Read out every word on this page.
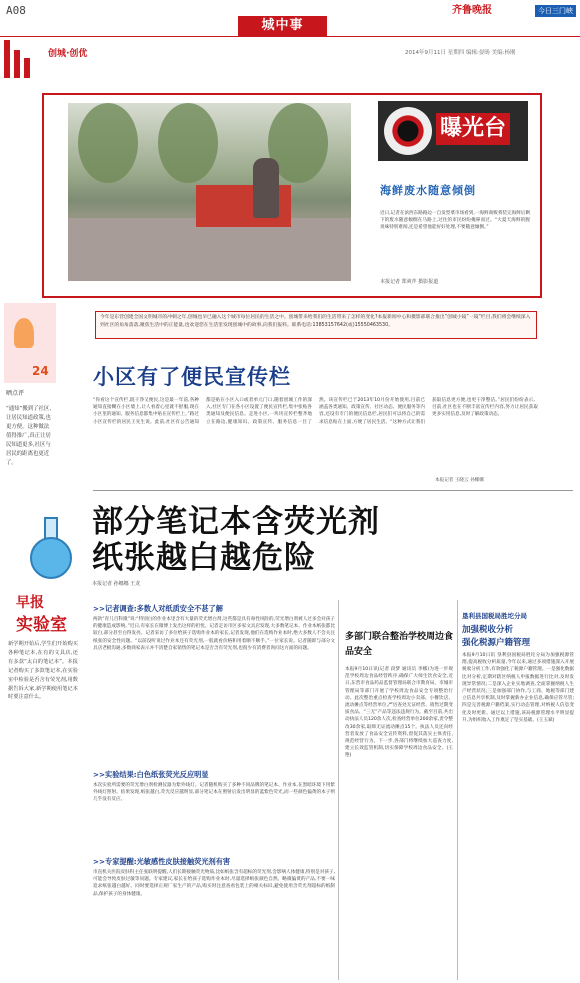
A08	齐鲁晚报	今日三门峡
城中事
创城·创优	2014年9月11日 星期四 编辑:晏旸 美编:杨刚
曝光台
海鲜废水随意倾倒
近日,记者在滨西东路路边一自发型菜市场看到,一海鲜商贩将装完海鲜后剩下的废水随意倾倒在马路上,过往的市民纷纷掩鼻而过。“大夏天海鲜的腥臭味特别难闻,还是希望他能好好处理,不要随意倾倒。”
本报记者 郑爽芹 摄影报道
今年是东营创建全国文明城市的冲刺之年,创城也早已融入这个城市每位居民的生活之中。创城带来给我们的生活带来了怎样的变化?本报新闻中心和摄影部联合推出“创城小镜”一镜”栏目,我们将会继续深入到社区的角角落落,聚焦生活中的正能量,也欢迎您在生活里发现创城中的故事,向我们报料。联系电话:13853157642(或)15550463530。
24
晒点评
“通知”搬到了社区,让居民知道政策,也更方便。这种做法值得推广,真正让居民知道更多,社区与居民的距离也更近了。
小区有了便民宣传栏
“你看这个宣传栏,既干净又便民,这是最一年前,各种通知直接糊在小区墙上,让人看着心里就不舒服,现在小区里的通知、服务信息都集中贴在宣传栏上。”路过小区宣传栏的居民王先生说。此前,社区有公告通知都是贴在小区入口或者单元门口,随着创城工作的深入,社区专门在各小区设置了便民宣传栏,集中张贴各类通知及便民信息。走进小区,一块块宣传栏整齐地立在路边,健康知识、政策宣传、服务信息一目了然。该宣传栏已于2013年10月份开始使用,目前已涵盖各类通知、政策宣传、社区动态、便民服务等内容,还设有专门的便民信息栏,居民们可以将自己的需求信息贴在上面,方便了居民生活。“这种方式让我们获取信息更方便,也更干净整洁。”居民们纷纷表示。目前,社区也在不断丰富宣传栏内容,努力让居民获取更多实用信息,及时了解政策动态。
本报记者 王晓云 孙娜娜
部分笔记本含荧光剂
纸张越白越危险
本报记者 孙娜娜 王龙
早报
实验室
新学期开始后,学生们开始购买各种笔记本,在有的文具店,还有多款“太白的笔记本”。本报记者购买了多款笔记本,在实验室中检验是否含有荧光剂,用数据告诉大家,新学期使用笔记本时要注意什么。
>>记者调查:多数人对纸质安全不甚了解
两款“育儿百科微”说:“特别白的作业本里含有大量的荧光增白剂,这些都是具有毒性风险的,荧光增白剂被人过多会对孩子的健康造成影响。”近日,有家长在微博上发出这样的担忧。记者走访市区多家文具店发现,大多数笔记本、作业本纸张都比较白,部分甚至白得发亮。记者采访了多位给孩子选购作业本的家长,记者发现,他们在选购作业本时,绝大多数人不会关注纸张的安全性问题。“以前没听说过作业本还有荧光剂,一般就看价格和用着顺不顺手。”一位家长说。记者随即与部分文具店老板沟通,多数商家表示并不清楚自家销售的笔记本是否含有荧光剂,也很少有消费者询问这方面的问题。
>>实验结果:白色纸张荧光反应明显
本次实验所需要的荧光增白剂检测仪器为紫外线灯。记者随机购买了多种不同品牌的笔记本、作业本,在黑暗环境下用紫外线灯照射。结果发现,纸张越白,荧光反应越明显,部分笔记本在照射后发出明显的蓝紫色荧光,而一些颜色偏黄的本子则几乎没有反应。
>>专家提醒:光敏感性皮肤接触荧光剂有害
市直机关医院皮肤科主任张联明提醒,人们长期接触荧光物质,比如纸张含有超标的荧光剂,会影响人体健康,特别是对孩子,可能会导致皮肤过敏等问题。专家建议,家长在给孩子选购作业本时,尽量选择纸张颜色自然、略微偏黄的产品,不要一味追求纸张越白越好。同时要选择正规厂家生产的产品,购买时注意查看包装上的相关标识,避免使用含荧光剂超标的纸制品,保护孩子的身体健康。
多部门联合整治学校周边食品安全
本报9月10日讯(记者 段梦 通讯员 李娜)为进一步规范学校周边食品经营秩序,确保广大师生饮食安全,近日,东营市食品药品监督管理局联合市教育局、市城市管理局等部门开展了学校周边食品安全专项整治行动。此次整治重点检查学校周边小卖部、小餐饮店、流动摊点等经营单位,严厉查处无证经营、销售过期变质食品、“三无”产品等违法违规行为。截至目前,共出动执法人员120余人次,检查经营单位200余家,责令整改30余家,取缔无证流动摊点15个。执法人员还向经营者发放了食品安全宣传资料,督促其落实主体责任,规范经营行为。下一步,各部门将继续加大巡查力度,建立长效监管机制,切实保障学校周边食品安全。(王艳)
垦利县国税局胜坨分局
加强税收分析
强化税源户籍管理
本报9月10日讯 垦利县国税局胜坨分局为加强税源管理,提高税收分析质量,今年以来,通过多项措施深入开展税收分析工作,有效强化了税源户籍管理。一是强化数据比对分析,定期对辖区纳税人申报数据进行比对,及时发现异常情况;二是深入企业实地调查,全面掌握纳税人生产经营状况;三是加强部门协作,与工商、地税等部门建立信息共享机制,及时掌握新办企业信息,确保应管尽管;四是完善税源户籍档案,实行动态管理,对纳税人信息变化及时更新。通过以上措施,该局税源管理水平明显提升,为组织收入工作奠定了坚实基础。(王玉斌)
